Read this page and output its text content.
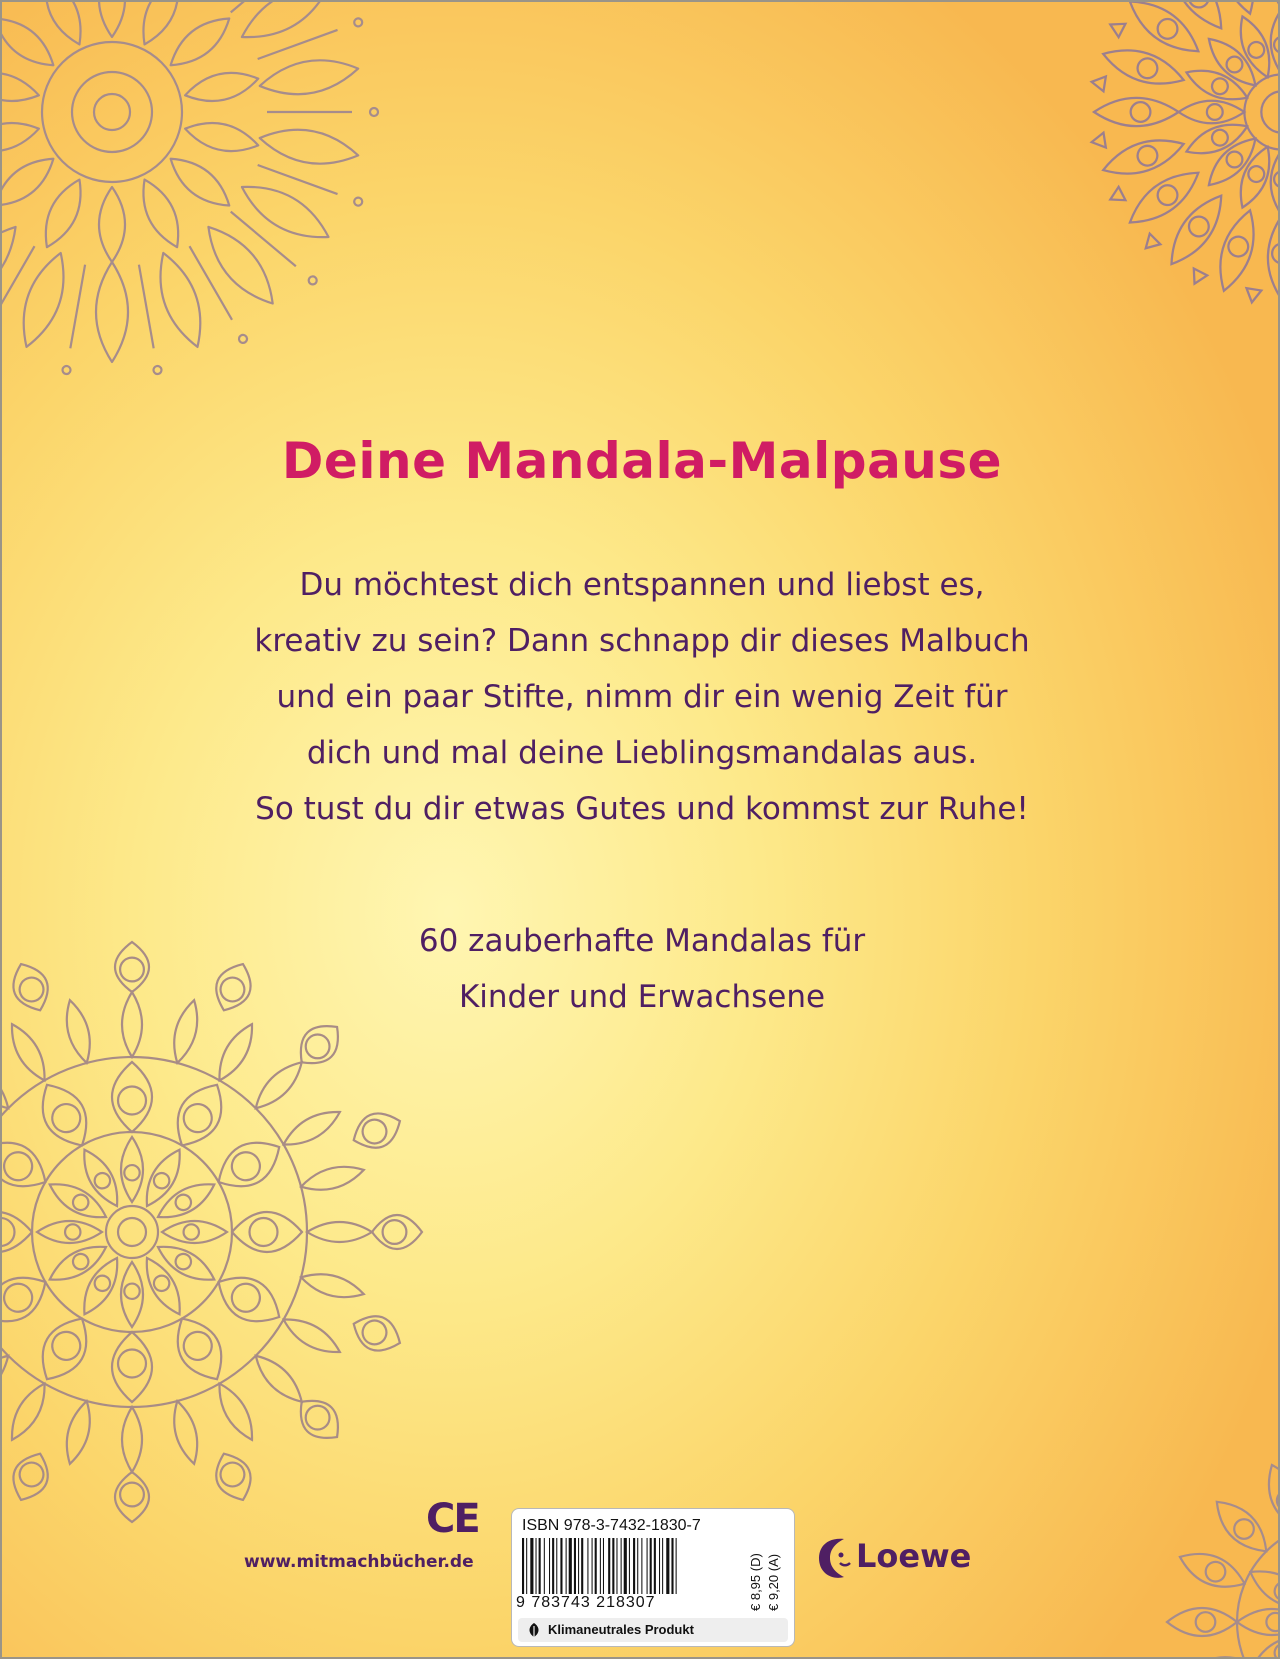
Deine Mandala-Malpause
Du möchtest dich entspannen und liebst es,
kreativ zu sein? Dann schnapp dir dieses Malbuch
und ein paar Stifte, nimm dir ein wenig Zeit für
dich und mal deine Lieblingsmandalas aus.
So tust du dir etwas Gutes und kommst zur Ruhe!
60 zauberhafte Mandalas für
Kinder und Erwachsene
CE
www.mitmachbücher.de
ISBN 978-3-7432-1830-7
9 783743 218307	€ 8,95 (D) € 9,20 (A)
Klimaneutrales Produkt
Loewe
